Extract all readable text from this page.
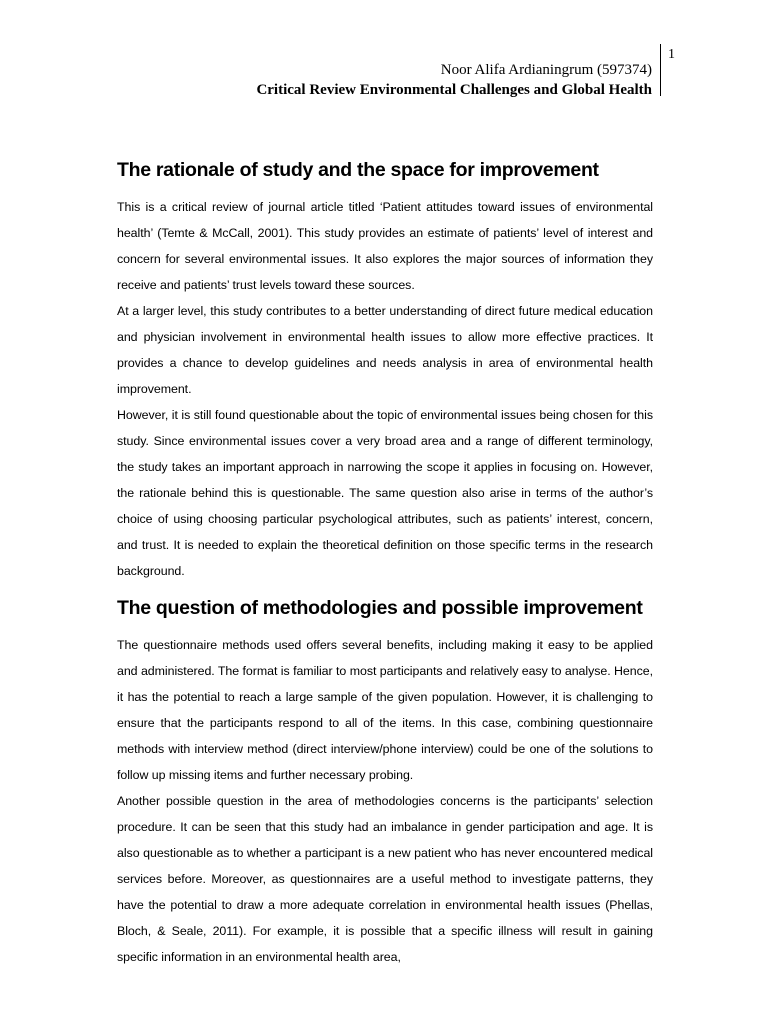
Noor Alifa Ardianingrum (597374)
Critical Review Environmental Challenges and Global Health
1
The rationale of study and the space for improvement

This is a critical review of journal article titled ‘Patient attitudes toward issues of environmental health’ (Temte & McCall, 2001). This study provides an estimate of patients’ level of interest and concern for several environmental issues. It also explores the major sources of information they receive and patients’ trust levels toward these sources.

At a larger level, this study contributes to a better understanding of direct future medical education and physician involvement in environmental health issues to allow more effective practices. It provides a chance to develop guidelines and needs analysis in area of environmental health improvement.

However, it is still found questionable about the topic of environmental issues being chosen for this study. Since environmental issues cover a very broad area and a range of different terminology, the study takes an important approach in narrowing the scope it applies in focusing on. However, the rationale behind this is questionable. The same question also arise in terms of the author’s choice of using choosing particular psychological attributes, such as patients’ interest, concern, and trust. It is needed to explain the theoretical definition on those specific terms in the research background.

The question of methodologies and possible improvement

The questionnaire methods used offers several benefits, including making it easy to be applied and administered. The format is familiar to most participants and relatively easy to analyse. Hence, it has the potential to reach a large sample of the given population. However, it is challenging to ensure that the participants respond to all of the items. In this case, combining questionnaire methods with interview method (direct interview/phone interview) could be one of the solutions to follow up missing items and further necessary probing.

Another possible question in the area of methodologies concerns is the participants’ selection procedure. It can be seen that this study had an imbalance in gender participation and age. It is also questionable as to whether a participant is a new patient who has never encountered medical services before. Moreover, as questionnaires are a useful method to investigate patterns, they have the potential to draw a more adequate correlation in environmental health issues (Phellas, Bloch, & Seale, 2011). For example, it is possible that a specific illness will result in gaining specific information in an environmental health area,
